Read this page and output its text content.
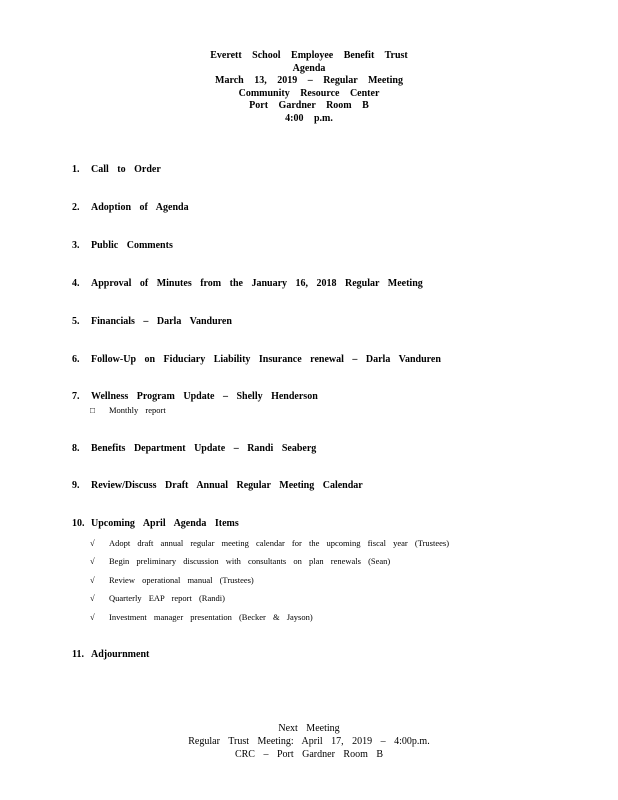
Everett School Employee Benefit Trust
Agenda
March 13, 2019 – Regular Meeting
Community Resource Center
Port Gardner Room B
4:00 p.m.
1. Call to Order
2. Adoption of Agenda
3. Public Comments
4. Approval of Minutes from the January 16, 2018 Regular Meeting
5. Financials – Darla Vanduren
6. Follow-Up on Fiduciary Liability Insurance renewal – Darla Vanduren
7. Wellness Program Update – Shelly Henderson
□ Monthly report
8. Benefits Department Update – Randi Seaberg
9. Review/Discuss Draft Annual Regular Meeting Calendar
10. Upcoming April Agenda Items
√ Adopt draft annual regular meeting calendar for the upcoming fiscal year (Trustees)
√ Begin preliminary discussion with consultants on plan renewals (Sean)
√ Review operational manual (Trustees)
√ Quarterly EAP report (Randi)
√ Investment manager presentation (Becker & Jayson)
11. Adjournment
Next Meeting
Regular Trust Meeting: April 17, 2019 – 4:00p.m.
CRC – Port Gardner Room B
